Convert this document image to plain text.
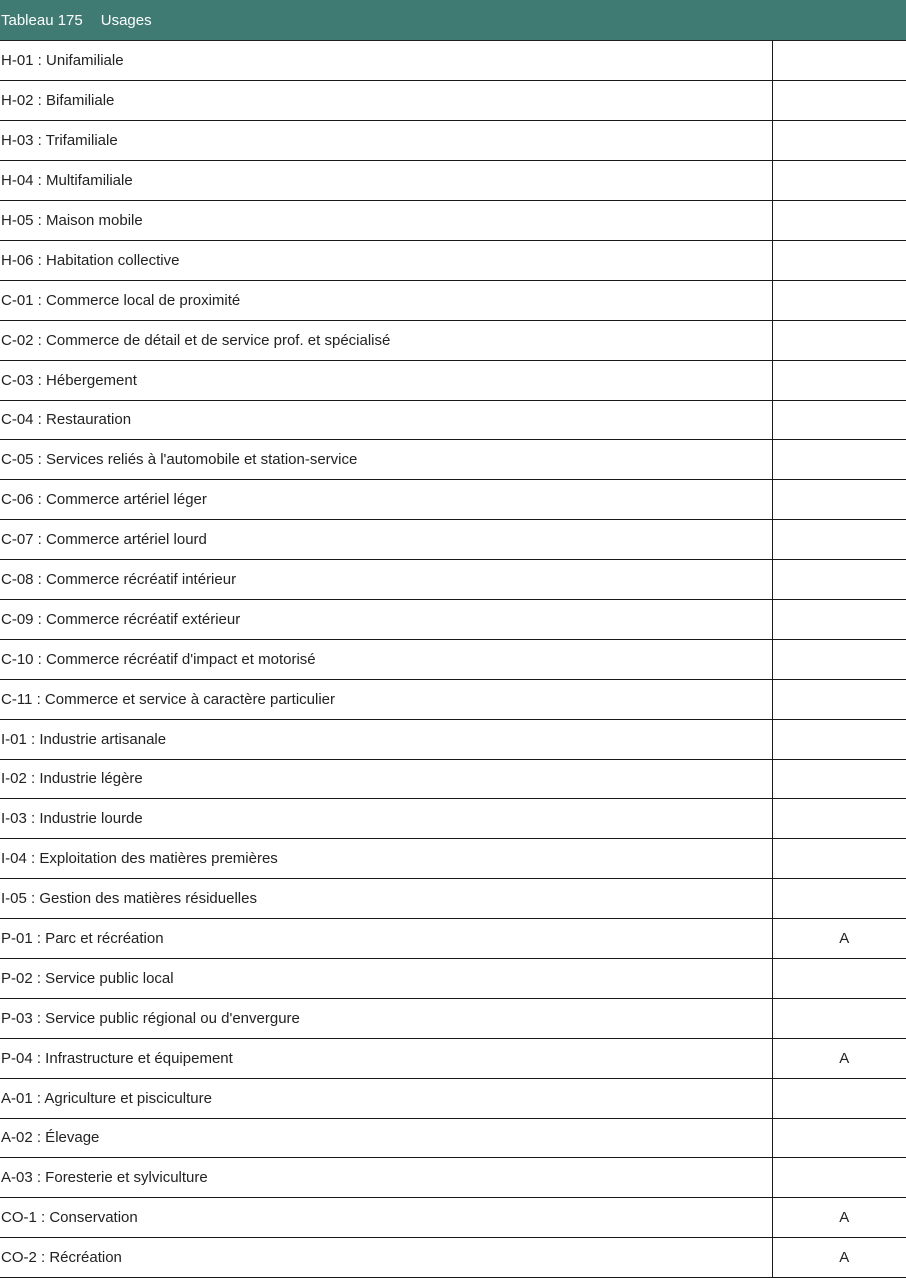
Tableau 175 Usages
H-01 : Unifamiliale	
H-02 : Bifamiliale	
H-03 : Trifamiliale	
H-04 : Multifamiliale	
H-05 : Maison mobile	
H-06 : Habitation collective	
C-01 : Commerce local de proximité	
C-02 : Commerce de détail et de service prof. et spécialisé	
C-03 : Hébergement	
C-04 : Restauration	
C-05 : Services reliés à l'automobile et station-service	
C-06 : Commerce artériel léger	
C-07 : Commerce artériel lourd	
C-08 : Commerce récréatif intérieur	
C-09 : Commerce récréatif extérieur	
C-10 : Commerce récréatif d'impact et motorisé	
C-11 : Commerce et service à caractère particulier	
I-01 : Industrie artisanale	
I-02 : Industrie légère	
I-03 : Industrie lourde	
I-04 : Exploitation des matières premières	
I-05 : Gestion des matières résiduelles	
P-01 : Parc et récréation	A
P-02 : Service public local	
P-03 : Service public régional ou d'envergure	
P-04 : Infrastructure et équipement	A
A-01 : Agriculture et pisciculture	
A-02 : Élevage	
A-03 : Foresterie et sylviculture	
CO-1 : Conservation	A
CO-2 : Récréation	A
